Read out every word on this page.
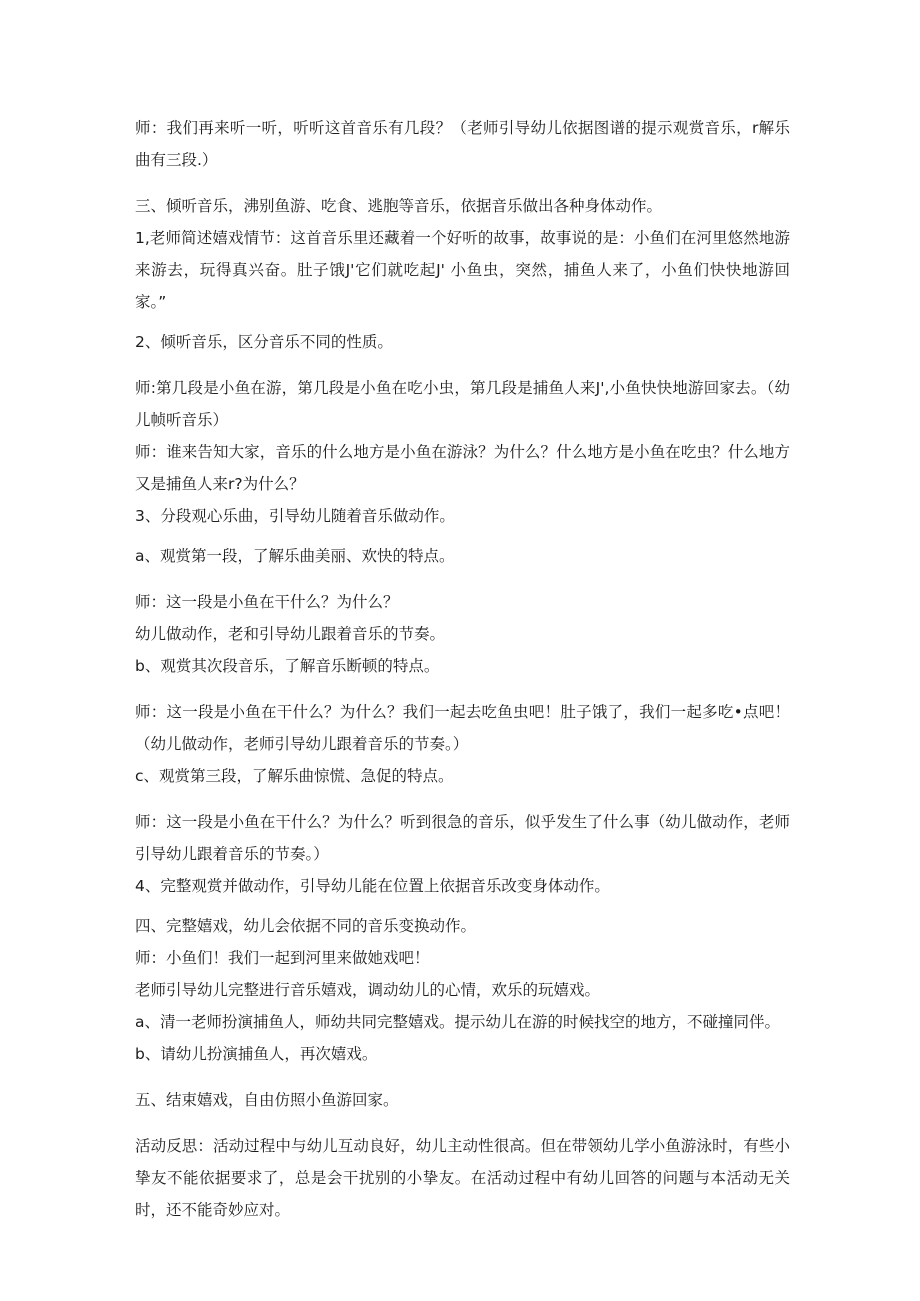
师：我们再来听一听，听听这首音乐有几段？（老师引导幼儿依据图谱的提示观赏音乐，r解乐曲有三段.）

三、倾听音乐，沸别鱼游、吃食、逃胞等音乐，依据音乐做出各种身体动作。

1,老师简述嬉戏情节：这首音乐里还藏着一个好听的故事，故事说的是：小鱼们在河里悠然地游来游去，玩得真兴奋。肚子饿J'它们就吃起J' 小鱼虫，突然，捕鱼人来了，小鱼们快快地游回家。”

2、倾听音乐，区分音乐不同的性质。

师:第几段是小鱼在游，第几段是小鱼在吃小虫，第几段是捕鱼人来J',小鱼快快地游回家去。（幼儿帧听音乐）

师：谁来告知大家，音乐的什么地方是小鱼在游泳？为什么？什么地方是小鱼在吃虫？什么地方又是捕鱼人来r?为什么？

3、分段观心乐曲，引导幼儿随着音乐做动作。

a、观赏第一段，了解乐曲美丽、欢快的特点。

师：这一段是小鱼在干什么？为什么？

幼儿做动作，老和引导幼儿跟着音乐的节奏。

b、观赏其次段音乐，了解音乐断顿的特点。

师：这一段是小鱼在干什么？为什么？我们一起去吃鱼虫吧！肚子饿了，我们一起多吃•点吧！（幼儿做动作，老师引导幼儿跟着音乐的节奏。）

c、观赏第三段，了解乐曲惊慌、急促的特点。

师：这一段是小鱼在干什么？为什么？听到很急的音乐，似乎发生了什么事（幼儿做动作，老师引导幼儿跟着音乐的节奏。）

4、完整观赏并做动作，引导幼儿能在位置上依据音乐改变身体动作。

四、完整嬉戏，幼儿会依据不同的音乐变换动作。

师：小鱼们！我们一起到河里来做她戏吧！

老师引导幼儿完整进行音乐嬉戏，调动幼儿的心情，欢乐的玩嬉戏。

a、清一老师扮演捕鱼人，师幼共同完整嬉戏。提示幼儿在游的时候找空的地方，不碰撞同伴。

b、请幼儿扮演捕鱼人，再次嬉戏。

五、结束嬉戏，自由仿照小鱼游回家。

活动反思：活动过程中与幼儿互动良好，幼儿主动性很高。但在带领幼儿学小鱼游泳时，有些小挚友不能依据要求了，总是会干扰别的小挚友。在活动过程中有幼儿回答的问题与本活动无关时，还不能奇妙应对。
